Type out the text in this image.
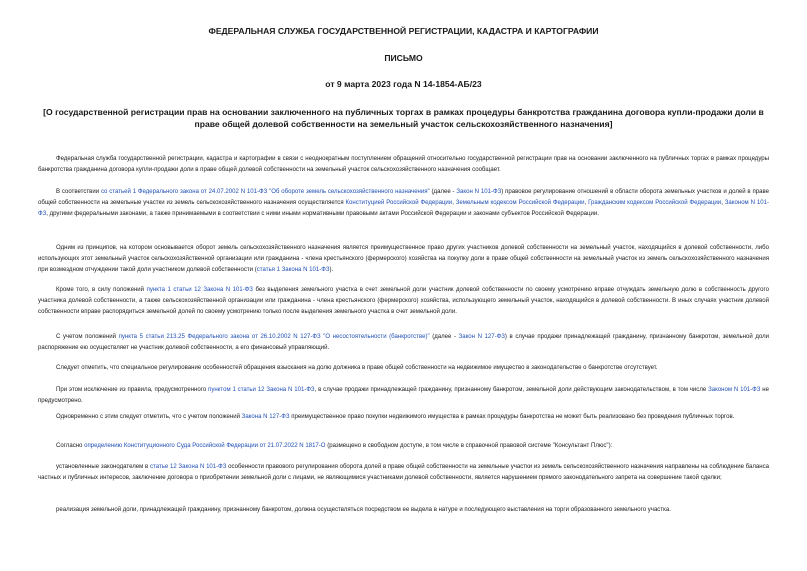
ФЕДЕРАЛЬНАЯ СЛУЖБА ГОСУДАРСТВЕННОЙ РЕГИСТРАЦИИ, КАДАСТРА И КАРТОГРАФИИ
ПИСЬМО
от 9 марта 2023 года N 14-1854-АБ/23
[О государственной регистрации прав на основании заключенного на публичных торгах в рамках процедуры банкротства гражданина договора купли-продажи доли в праве общей долевой собственности на земельный участок сельскохозяйственного назначения]

Федеральная служба государственной регистрации, кадастра и картографии в связи с неоднократным поступлением обращений относительно государственной регистрации прав на основании заключенного на публичных торгах в рамках процедуры банкротства гражданина договора купли-продажи доли в праве общей долевой собственности на земельный участок сельскохозяйственного назначения сообщает.

В соответствии со статьей 1 Федерального закона от 24.07.2002 N 101-ФЗ "Об обороте земель сельскохозяйственного назначения" (далее - Закон N 101-ФЗ) правовое регулирование отношений в области оборота земельных участков и долей в праве общей собственности на земельные участки из земель сельскохозяйственного назначения осуществляется Конституцией Российской Федерации, Земельным кодексом Российской Федерации, Гражданским кодексом Российской Федерации, Законом N 101-ФЗ, другими федеральными законами, а также принимаемыми в соответствии с ними иными нормативными правовыми актами Российской Федерации и законами субъектов Российской Федерации.

Одним из принципов, на котором основывается оборот земель сельскохозяйственного назначения является преимущественное право других участников долевой собственности на земельный участок, находящийся в долевой собственности, либо использующих этот земельный участок сельскохозяйственной организации или гражданина - члена крестьянского (фермерского) хозяйства на покупку доли в праве общей собственности на земельный участок из земель сельскохозяйственного назначения при возмездном отчуждении такой доли участником долевой собственности (статья 1 Закона N 101-ФЗ).

Кроме того, в силу положений пункта 1 статьи 12 Закона N 101-ФЗ без выделения земельного участка в счет земельной доли участник долевой собственности по своему усмотрению вправе отчуждать земельную долю в собственность другого участника долевой собственности, а также сельскохозяйственной организации или гражданина - члена крестьянского (фермерского) хозяйства, использующего земельный участок, находящийся в долевой собственности. В иных случаях участник долевой собственности вправе распорядиться земельной долей по своему усмотрению только после выделения земельного участка в счет земельной доли.

С учетом положений пункта 5 статьи 213.25 Федерального закона от 26.10.2002 N 127-ФЗ "О несостоятельности (банкротстве)" (далее - Закон N 127-ФЗ) в случае продажи принадлежащей гражданину, признанному банкротом, земельной доли распоряжение ею осуществляет не участник долевой собственности, а его финансовый управляющий.

Следует отметить, что специальное регулирование особенностей обращения взыскания на долю должника в праве общей собственности на недвижимое имущество в законодательстве о банкротстве отсутствует.

При этом исключение из правила, предусмотренного пунктом 1 статьи 12 Закона N 101-ФЗ, в случае продажи принадлежащей гражданину, признанному банкротом, земельной доли действующим законодательством, в том числе Законом N 101-ФЗ не предусмотрено.

Одновременно с этим следует отметить, что с учетом положений Закона N 127-ФЗ преимущественное право покупки недвижимого имущества в рамках процедуры банкротства не может быть реализовано без проведения публичных торгов.

Согласно определению Конституционного Суда Российской Федерации от 21.07.2022 N 1817-О (размещено в свободном доступе, в том числе в справочной правовой системе "Консультант Плюс"):

установленные законодателем в статье 12 Закона N 101-ФЗ особенности правового регулирования оборота долей в праве общей собственности на земельные участки из земель сельскохозяйственного назначения направлены на соблюдение баланса частных и публичных интересов, заключение договора о приобретении земельной доли с лицами, не являющимися участниками долевой собственности, является нарушением прямого законодательного запрета на совершение такой сделки;

реализация земельной доли, принадлежащей гражданину, признанному банкротом, должна осуществляться посредством ее выдела в натуре и последующего выставления на торги образованного земельного участка.
